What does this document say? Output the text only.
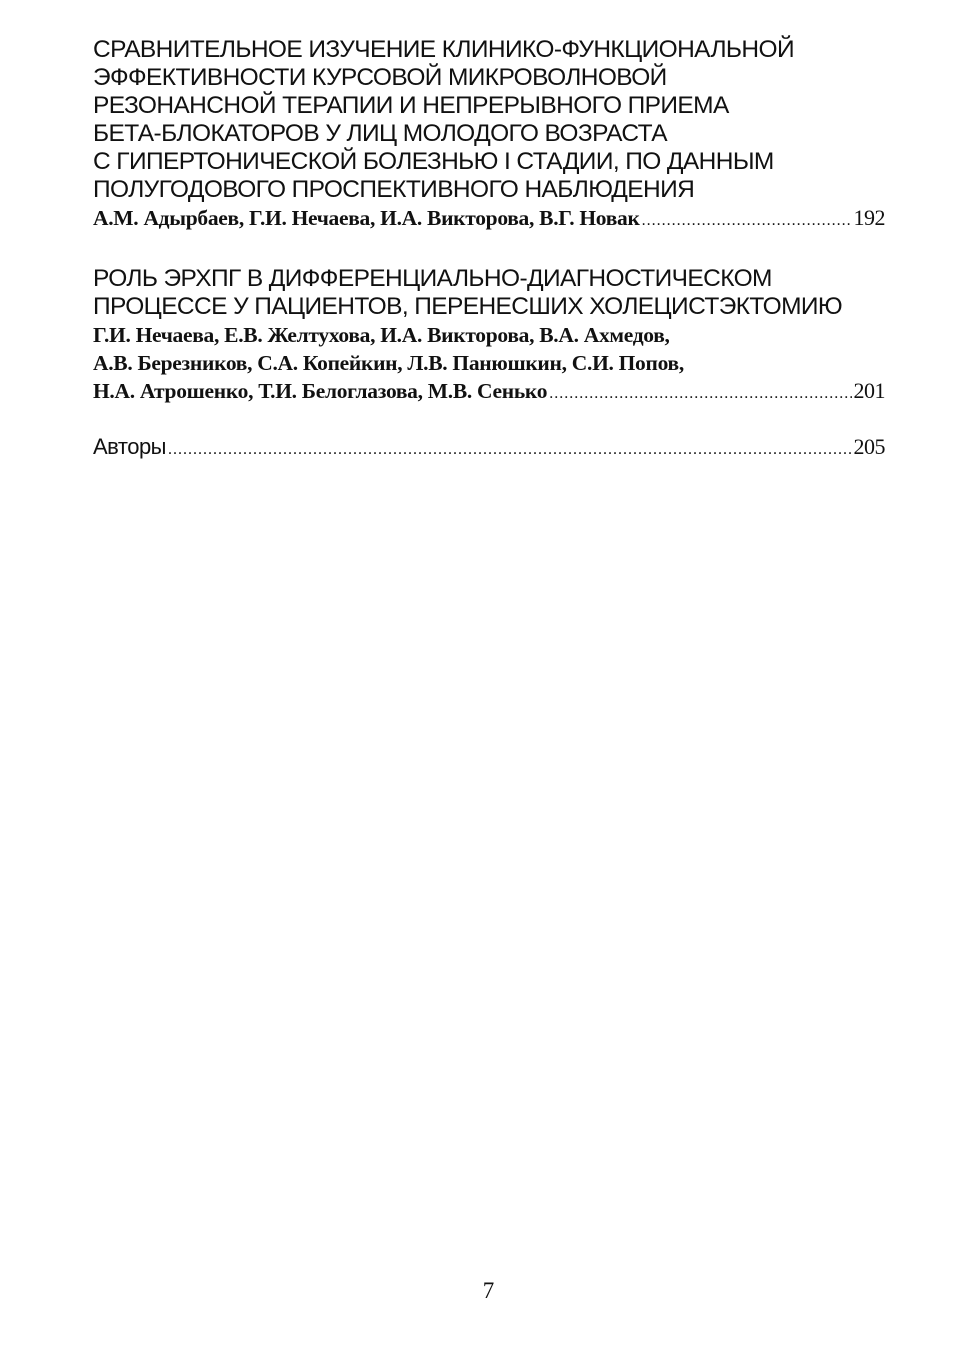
СРАВНИТЕЛЬНОЕ ИЗУЧЕНИЕ КЛИНИКО-ФУНКЦИОНАЛЬНОЙ
ЭФФЕКТИВНОСТИ КУРСОВОЙ МИКРОВОЛНОВОЙ
РЕЗОНАНСНОЙ ТЕРАПИИ И НЕПРЕРЫВНОГО ПРИЕМА
БЕТА-БЛОКАТОРОВ У ЛИЦ МОЛОДОГО ВОЗРАСТА
С ГИПЕРТОНИЧЕСКОЙ БОЛЕЗНЬЮ I СТАДИИ, ПО ДАННЫМ
ПОЛУГОДОВОГО ПРОСПЕКТИВНОГО НАБЛЮДЕНИЯ
А.М. Адырбаев, Г.И. Нечаева, И.А. Викторова, В.Г. Новак .....	192
РОЛЬ ЭРХПГ В ДИФФЕРЕНЦИАЛЬНО-ДИАГНОСТИЧЕСКОМ
ПРОЦЕССЕ У ПАЦИЕНТОВ, ПЕРЕНЕСШИХ ХОЛЕЦИСТЭКТОМИЮ
Г.И. Нечаева, Е.В. Желтухова, И.А. Викторова, В.А. Ахмедов,
А.В. Березников, С.А. Копейкин, Л.В. Панюшкин, С.И. Попов,
Н.А. Атрошенко, Т.И. Белоглазова, М.В. Сенько .....	201
Авторы .....	205
7
